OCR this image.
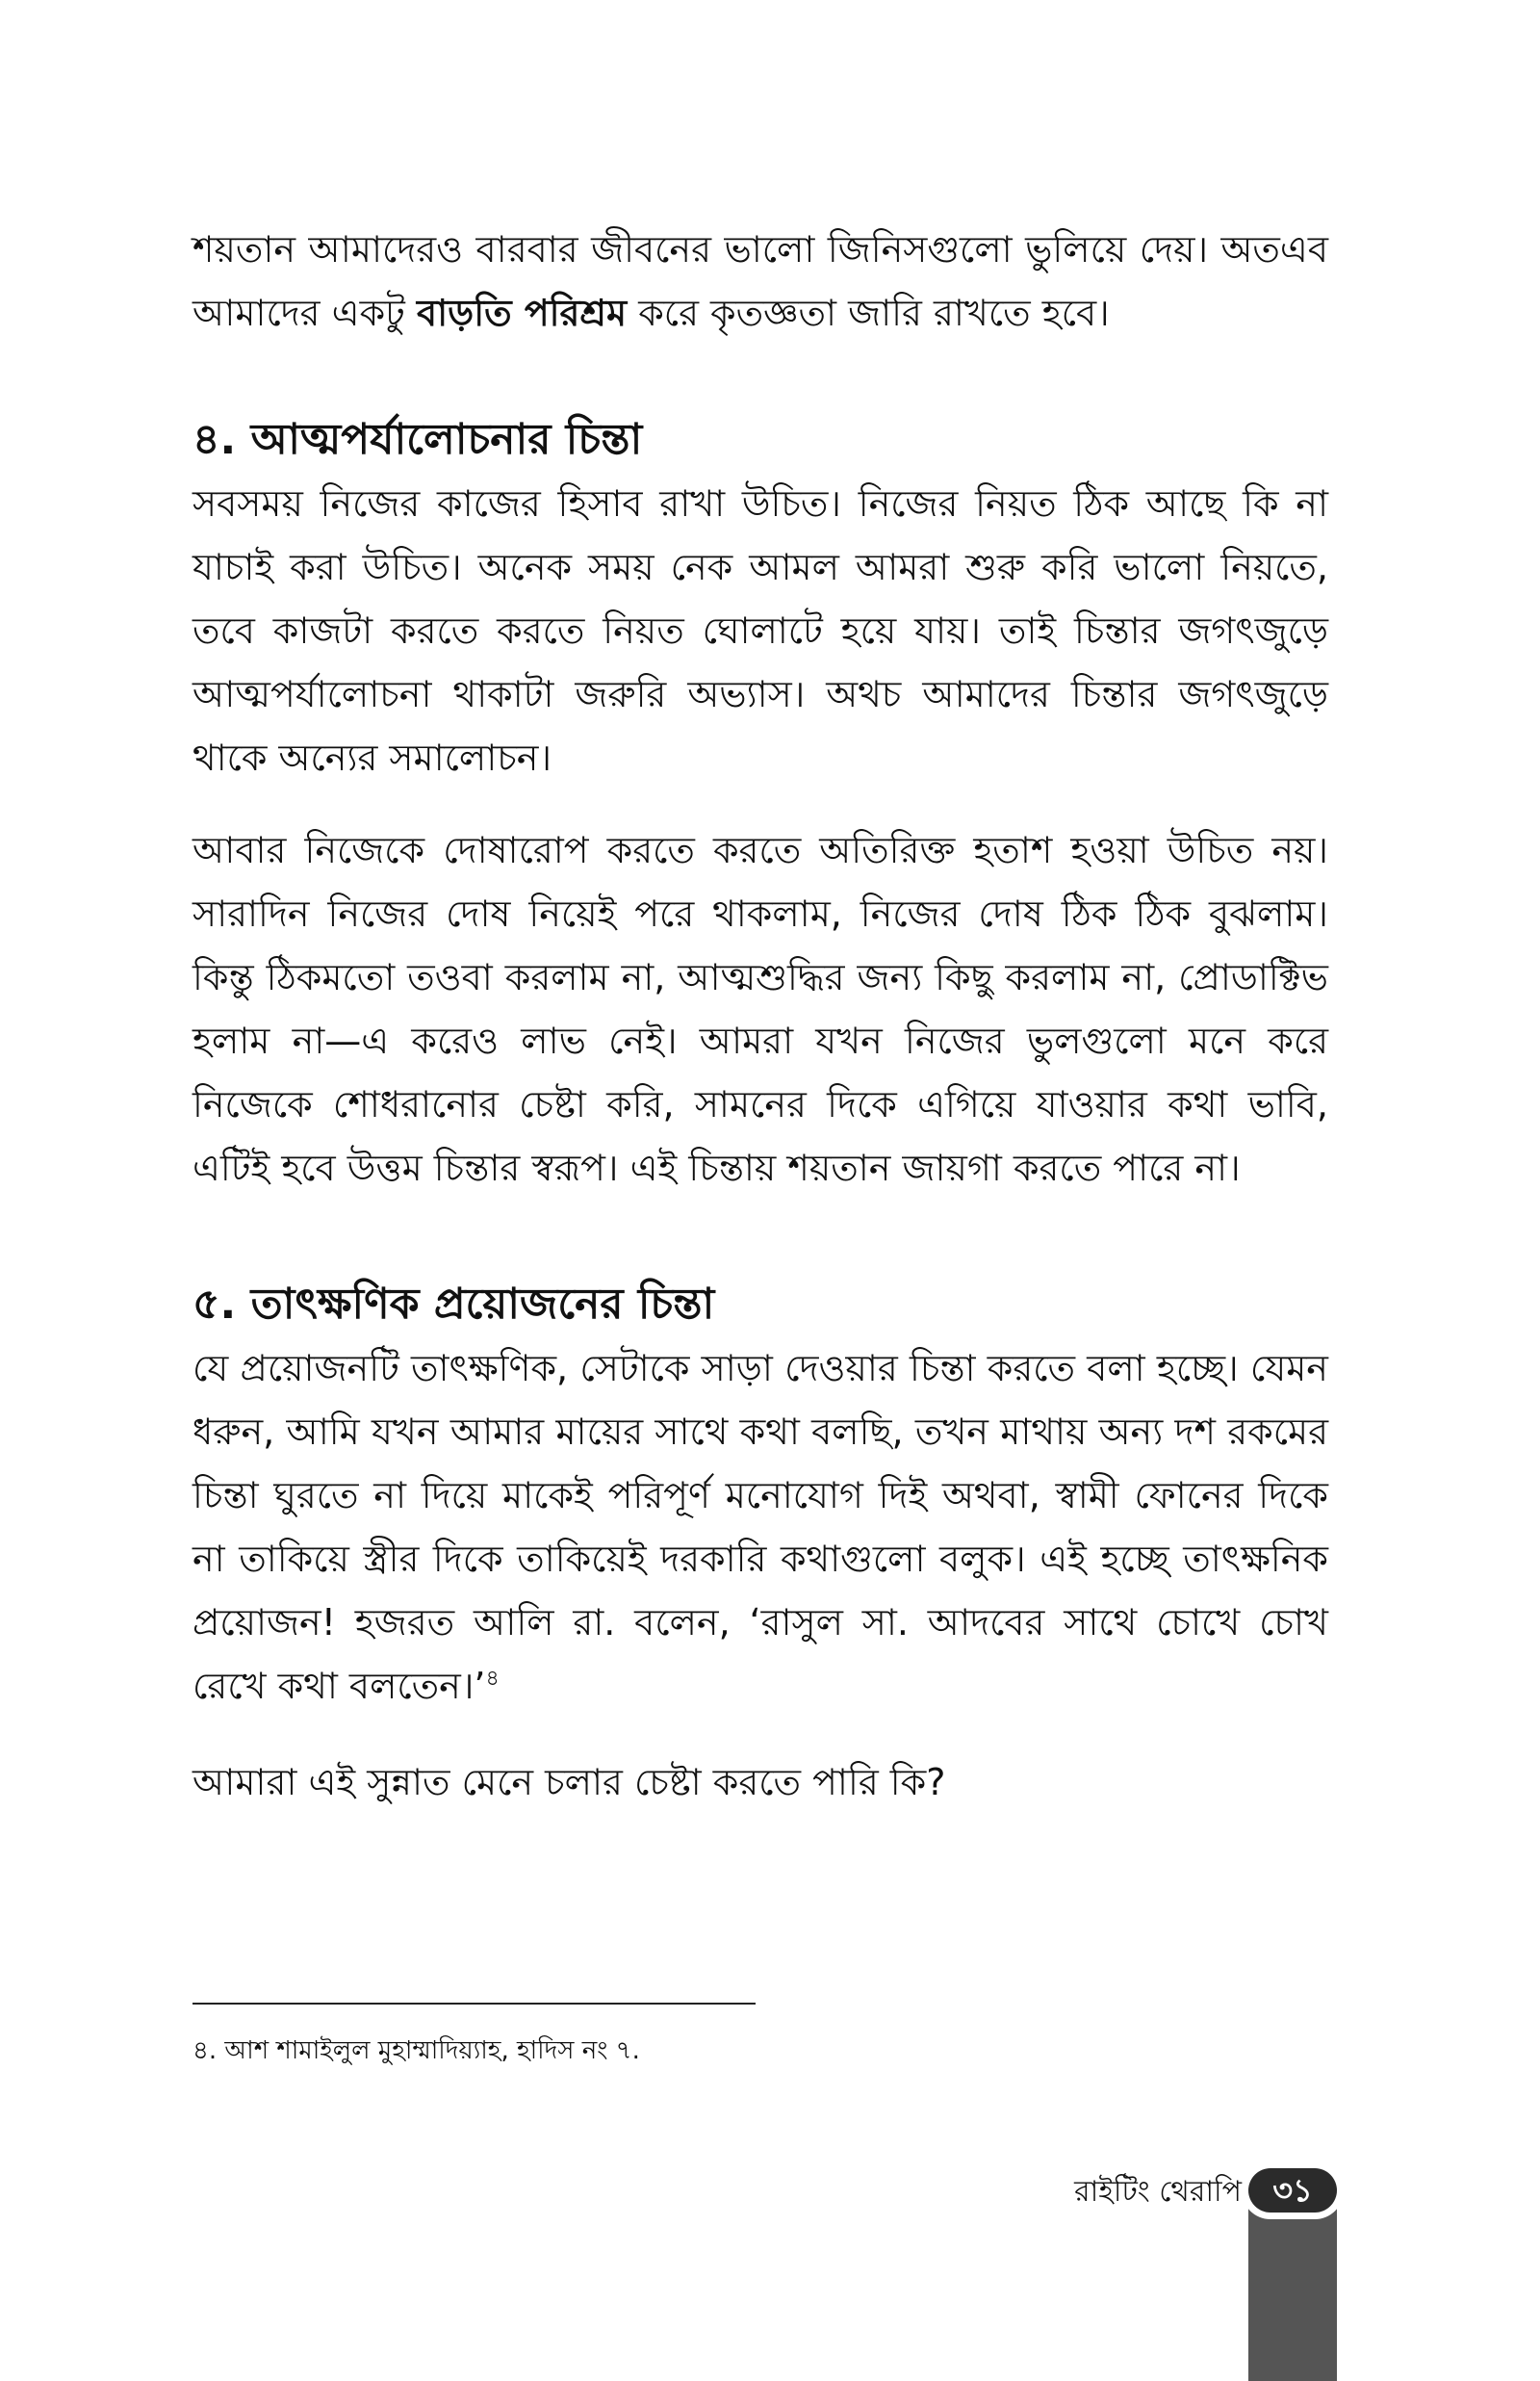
শয়তান আমাদেরও বারবার জীবনের ভালো জিনিসগুলো ভুলিয়ে দেয়। অতএব আমাদের একটু বাড়তি পরিশ্রম করে কৃতজ্ঞতা জারি রাখতে হবে।

৪. আত্মপর্যালোচনার চিন্তা

সবসময় নিজের কাজের হিসাব রাখা উচিত। নিজের নিয়ত ঠিক আছে কি না যাচাই করা উচিত। অনেক সময় নেক আমল আমরা শুরু করি ভালো নিয়তে, তবে কাজটা করতে করতে নিয়ত ঘোলাটে হয়ে যায়। তাই চিন্তার জগৎজুড়ে আত্মপর্যালোচনা থাকাটা জরুরি অভ্যাস। অথচ আমাদের চিন্তার জগৎজুড়ে থাকে অন্যের সমালোচন।

আবার নিজেকে দোষারোপ করতে করতে অতিরিক্ত হতাশ হওয়া উচিত নয়। সারাদিন নিজের দোষ নিয়েই পরে থাকলাম, নিজের দোষ ঠিক ঠিক বুঝলাম। কিন্তু ঠিকমতো তওবা করলাম না, আত্মশুদ্ধির জন্য কিছু করলাম না, প্রোডাক্টিভ হলাম না—এ করেও লাভ নেই। আমরা যখন নিজের ভুলগুলো মনে করে নিজেকে শোধরানোর চেষ্টা করি, সামনের দিকে এগিয়ে যাওয়ার কথা ভাবি, এটিই হবে উত্তম চিন্তার স্বরূপ। এই চিন্তায় শয়তান জায়গা করতে পারে না।

৫. তাৎক্ষণিক প্রয়োজনের চিন্তা

যে প্রয়োজনটি তাৎক্ষণিক, সেটাকে সাড়া দেওয়ার চিন্তা করতে বলা হচ্ছে। যেমন ধরুন, আমি যখন আমার মায়ের সাথে কথা বলছি, তখন মাথায় অন্য দশ রকমের চিন্তা ঘুরতে না দিয়ে মাকেই পরিপূর্ণ মনোযোগ দিই অথবা, স্বামী ফোনের দিকে না তাকিয়ে স্ত্রীর দিকে তাকিয়েই দরকারি কথাগুলো বলুক। এই হচ্ছে তাৎক্ষনিক প্রয়োজন! হজরত আলি রা. বলেন, ‘রাসুল সা. আদবের সাথে চোখে চোখ রেখে কথা বলতেন।’$^৪$

আমারা এই সুন্নাত মেনে চলার চেষ্টা করতে পারি কি?

৪. আশ শামাইলুল মুহাম্মাদিয়্যাহ, হাদিস নং ৭.

রাইটিং থেরাপি	৩১
